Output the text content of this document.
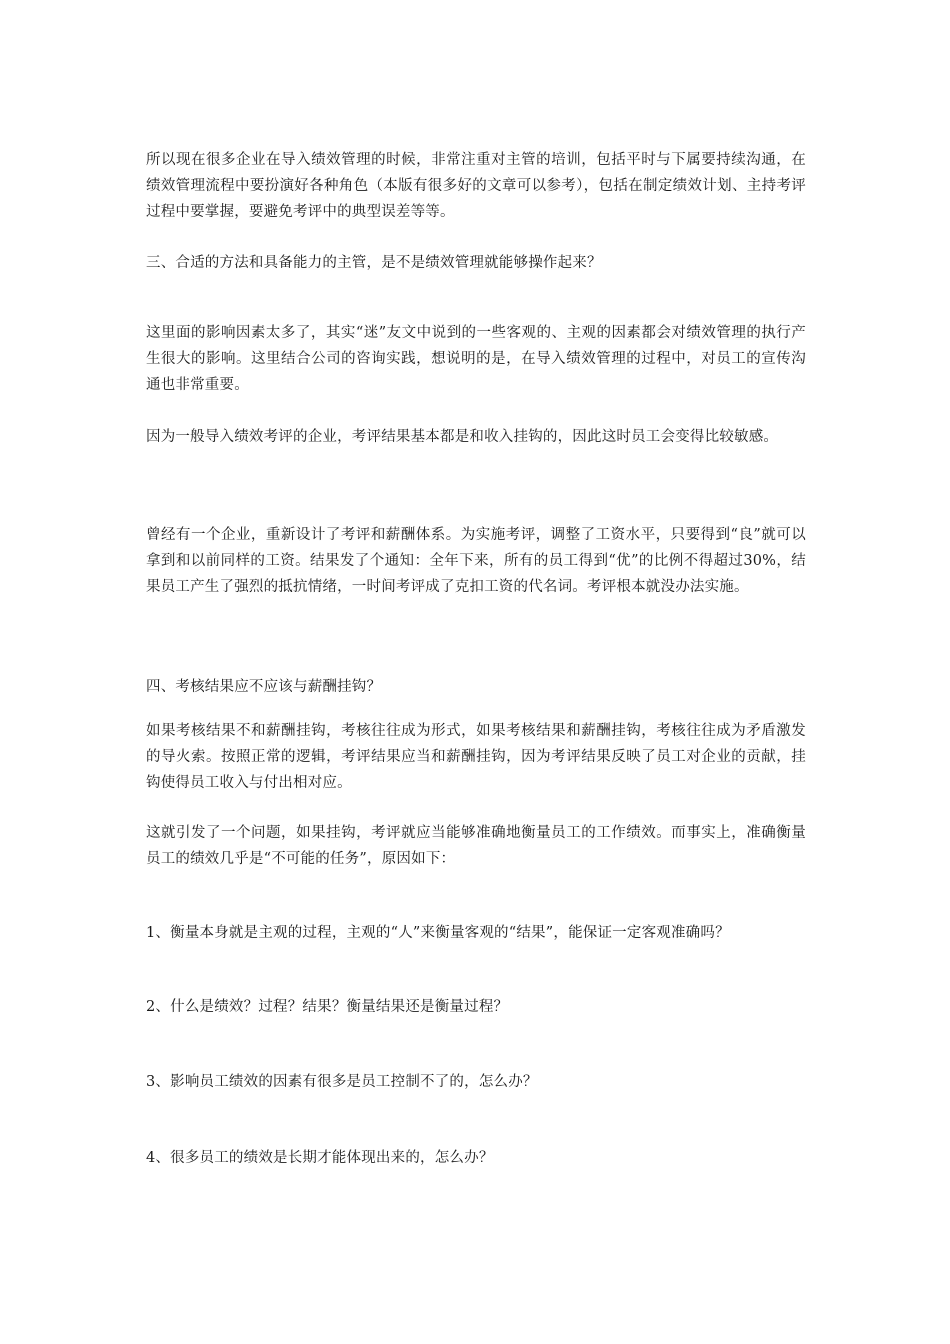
所以现在很多企业在导入绩效管理的时候，非常注重对主管的培训，包括平时与下属要持续沟通，在绩效管理流程中要扮演好各种角色（本版有很多好的文章可以参考），包括在制定绩效计划、主持考评过程中要掌握，要避免考评中的典型误差等等。

三、合适的方法和具备能力的主管，是不是绩效管理就能够操作起来？

这里面的影响因素太多了，其实“迷”友文中说到的一些客观的、主观的因素都会对绩效管理的执行产生很大的影响。这里结合公司的咨询实践，想说明的是，在导入绩效管理的过程中，对员工的宣传沟通也非常重要。

因为一般导入绩效考评的企业，考评结果基本都是和收入挂钩的，因此这时员工会变得比较敏感。

曾经有一个企业，重新设计了考评和薪酬体系。为实施考评，调整了工资水平，只要得到“良”就可以拿到和以前同样的工资。结果发了个通知：全年下来，所有的员工得到“优”的比例不得超过30%，结果员工产生了强烈的抵抗情绪，一时间考评成了克扣工资的代名词。考评根本就没办法实施。

四、考核结果应不应该与薪酬挂钩？

如果考核结果不和薪酬挂钩，考核往往成为形式，如果考核结果和薪酬挂钩，考核往往成为矛盾激发的导火索。按照正常的逻辑，考评结果应当和薪酬挂钩，因为考评结果反映了员工对企业的贡献，挂钩使得员工收入与付出相对应。

这就引发了一个问题，如果挂钩，考评就应当能够准确地衡量员工的工作绩效。而事实上，准确衡量员工的绩效几乎是“不可能的任务”，原因如下：

1、衡量本身就是主观的过程，主观的“人”来衡量客观的“结果”，能保证一定客观准确吗？

2、什么是绩效？过程？结果？衡量结果还是衡量过程？

3、影响员工绩效的因素有很多是员工控制不了的，怎么办？

4、很多员工的绩效是长期才能体现出来的，怎么办？
